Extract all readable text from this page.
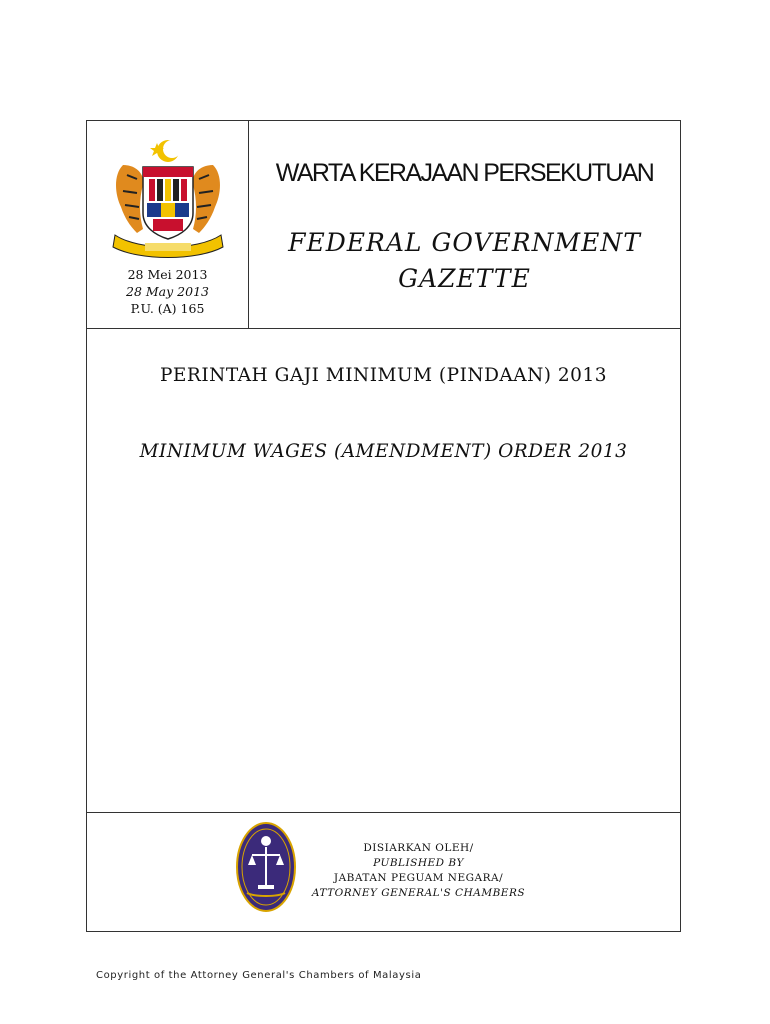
28 Mei 2013
28 May 2013
P.U. (A) 165
WARTA KERAJAAN PERSEKUTUAN
FEDERAL GOVERNMENT
GAZETTE
PERINTAH GAJI MINIMUM (PINDAAN) 2013
MINIMUM WAGES (AMENDMENT) ORDER 2013
DISIARKAN OLEH/
PUBLISHED BY
JABATAN PEGUAM NEGARA/
ATTORNEY GENERAL'S CHAMBERS
Copyright of the Attorney General's Chambers of Malaysia
